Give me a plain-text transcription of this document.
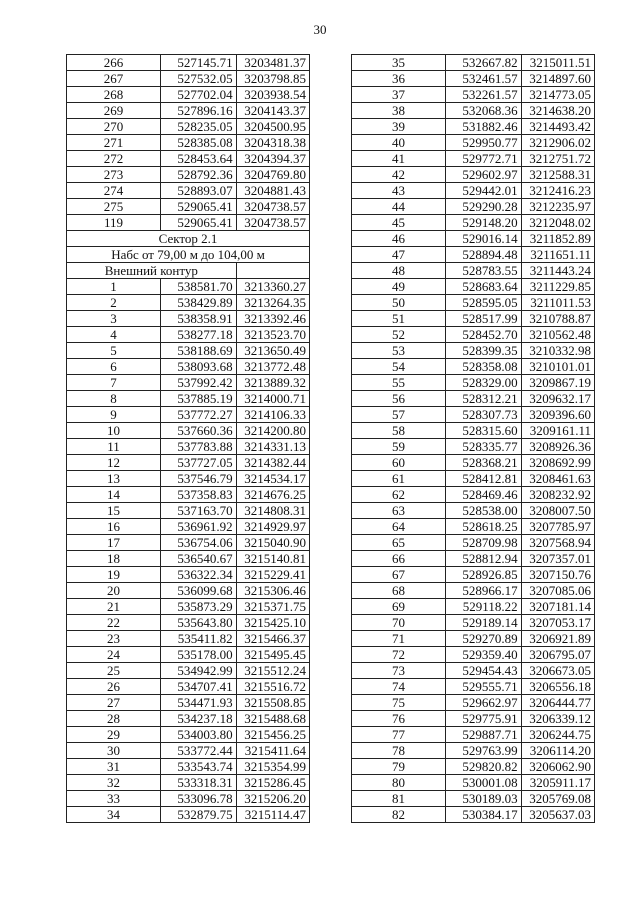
30
266	527145.71	3203481.37
267	527532.05	3203798.85
268	527702.04	3203938.54
269	527896.16	3204143.37
270	528235.05	3204500.95
271	528385.08	3204318.38
272	528453.64	3204394.37
273	528792.36	3204769.80
274	528893.07	3204881.43
275	529065.41	3204738.57
119	529065.41	3204738.57
Сектор 2.1		
Набс от 79,00 м до 104,00 м		
Внешний контур		
1	538581.70	3213360.27
2	538429.89	3213264.35
3	538358.91	3213392.46
4	538277.18	3213523.70
5	538188.69	3213650.49
6	538093.68	3213772.48
7	537992.42	3213889.32
8	537885.19	3214000.71
9	537772.27	3214106.33
10	537660.36	3214200.80
11	537783.88	3214331.13
12	537727.05	3214382.44
13	537546.79	3214534.17
14	537358.83	3214676.25
15	537163.70	3214808.31
16	536961.92	3214929.97
17	536754.06	3215040.90
18	536540.67	3215140.81
19	536322.34	3215229.41
20	536099.68	3215306.46
21	535873.29	3215371.75
22	535643.80	3215425.10
23	535411.82	3215466.37
24	535178.00	3215495.45
25	534942.99	3215512.24
26	534707.41	3215516.72
27	534471.93	3215508.85
28	534237.18	3215488.68
29	534003.80	3215456.25
30	533772.44	3215411.64
31	533543.74	3215354.99
32	533318.31	3215286.45
33	533096.78	3215206.20
34	532879.75	3215114.47
35	532667.82	3215011.51
36	532461.57	3214897.60
37	532261.57	3214773.05
38	532068.36	3214638.20
39	531882.46	3214493.42
40	529950.77	3212906.02
41	529772.71	3212751.72
42	529602.97	3212588.31
43	529442.01	3212416.23
44	529290.28	3212235.97
45	529148.20	3212048.02
46	529016.14	3211852.89
47	528894.48	3211651.11
48	528783.55	3211443.24
49	528683.64	3211229.85
50	528595.05	3211011.53
51	528517.99	3210788.87
52	528452.70	3210562.48
53	528399.35	3210332.98
54	528358.08	3210101.01
55	528329.00	3209867.19
56	528312.21	3209632.17
57	528307.73	3209396.60
58	528315.60	3209161.11
59	528335.77	3208926.36
60	528368.21	3208692.99
61	528412.81	3208461.63
62	528469.46	3208232.92
63	528538.00	3208007.50
64	528618.25	3207785.97
65	528709.98	3207568.94
66	528812.94	3207357.01
67	528926.85	3207150.76
68	528966.17	3207085.06
69	529118.22	3207181.14
70	529189.14	3207053.17
71	529270.89	3206921.89
72	529359.40	3206795.07
73	529454.43	3206673.05
74	529555.71	3206556.18
75	529662.97	3206444.77
76	529775.91	3206339.12
77	529887.71	3206244.75
78	529763.99	3206114.20
79	529820.82	3206062.90
80	530001.08	3205911.17
81	530189.03	3205769.08
82	530384.17	3205637.03
